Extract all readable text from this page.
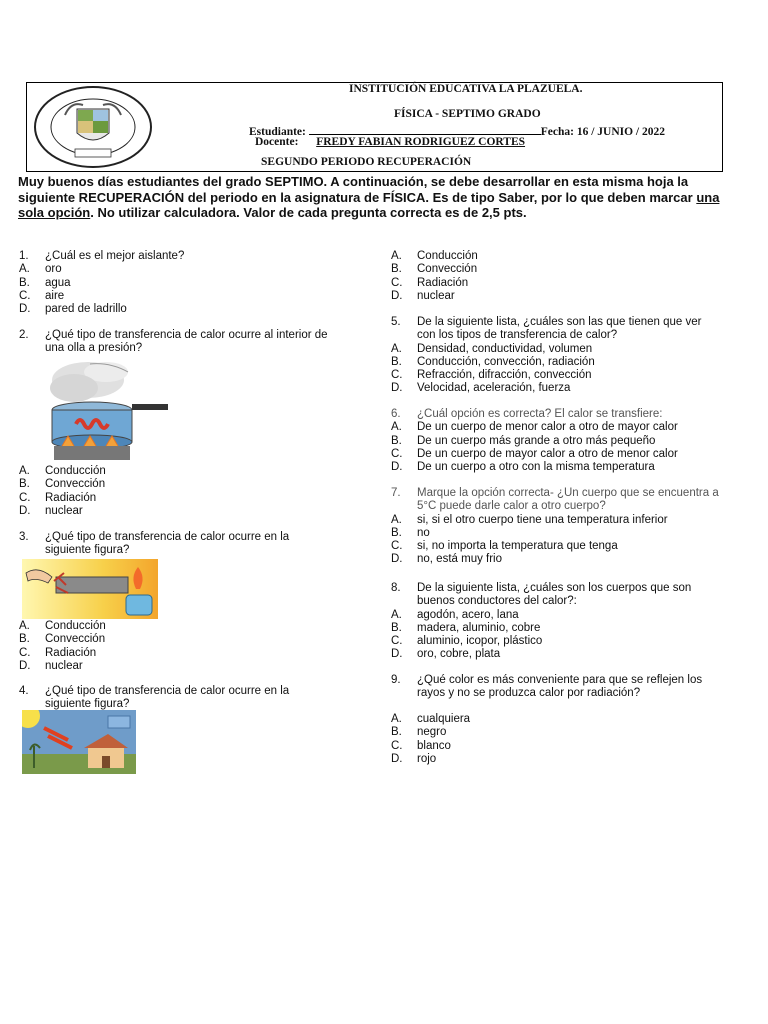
INSTITUCIÓN EDUCATIVA LA PLAZUELA.
FÍSICA - SEPTIMO GRADO
Estudiante:	Fecha: 16 / JUNIO / 2022
Docente: FREDY FABIAN RODRIGUEZ CORTES
SEGUNDO PERIODO RECUPERACIÓN
Muy buenos días estudiantes del grado SEPTIMO. A continuación, se debe desarrollar en esta misma hoja la siguiente RECUPERACIÓN del periodo en la asignatura de FÍSICA. Es de tipo Saber, por lo que deben marcar una sola opción. No utilizar calculadora. Valor de cada pregunta correcta es de 2,5 pts.
1.	¿Cuál es el mejor aislante?
A.	oro
B.	agua
C.	aire
D.	pared de ladrillo
2.	¿Qué tipo de transferencia de calor ocurre al interior de una olla a presión?
A.	Conducción
B.	Convección
C.	Radiación
D.	nuclear
3.	¿Qué tipo de transferencia de calor ocurre en la siguiente figura?
A.	Conducción
B.	Convección
C.	Radiación
D.	nuclear
4.	¿Qué tipo de transferencia de calor ocurre en la siguiente figura?
A.	Conducción
B.	Convección
C.	Radiación
D.	nuclear
5.	De la siguiente lista, ¿cuáles son las que tienen que ver con los tipos de transferencia de calor?
A.	Densidad, conductividad, volumen
B.	Conducción, convección, radiación
C.	Refracción, difracción, convección
D.	Velocidad, aceleración, fuerza
6.	¿Cuál opción es correcta? El calor se transfiere:
A.	De un cuerpo de menor calor a otro de mayor calor
B.	De un cuerpo más grande a otro más pequeño
C.	De un cuerpo de mayor calor a otro de menor calor
D.	De un cuerpo a otro con la misma temperatura
7.	Marque la opción correcta- ¿Un cuerpo que se encuentra a 5°C puede darle calor a otro cuerpo?
A.	si, si el otro cuerpo tiene una temperatura inferior
B.	no
C.	si, no importa la temperatura que tenga
D.	no, está muy frio
8.	De la siguiente lista, ¿cuáles son los cuerpos que son buenos conductores del calor?:
A.	agodón, acero, lana
B.	madera, aluminio, cobre
C.	aluminio, icopor, plástico
D.	oro, cobre, plata
9.	¿Qué color es más conveniente para que se reflejen los rayos y no se produzca calor por radiación?
A.	cualquiera
B.	negro
C.	blanco
D.	rojo
